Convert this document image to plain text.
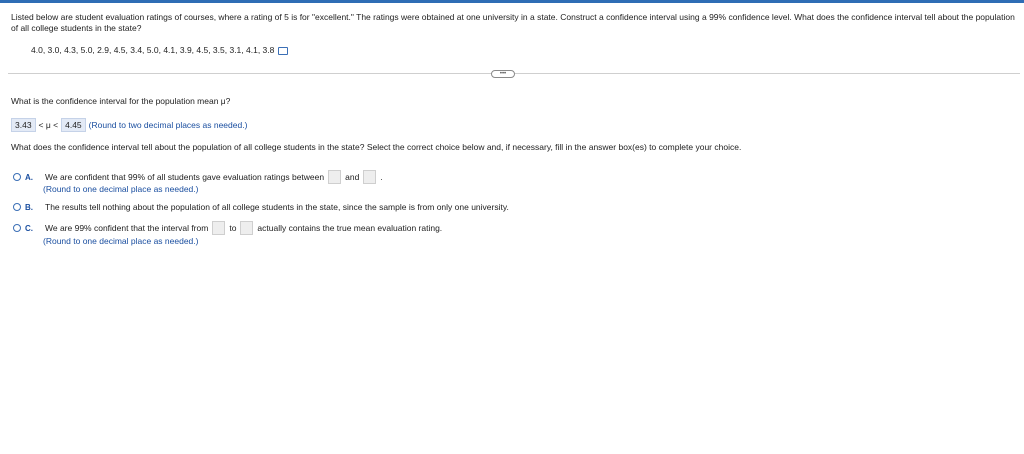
Listed below are student evaluation ratings of courses, where a rating of 5 is for "excellent." The ratings were obtained at one university in a state. Construct a confidence interval using a 99% confidence level. What does the confidence interval tell about the population of all college students in the state?
4.0, 3.0, 4.3, 5.0, 2.9, 4.5, 3.4, 5.0, 4.1, 3.9, 4.5, 3.5, 3.1, 4.1, 3.8
•••
What is the confidence interval for the population mean μ?
3.43 < μ < 4.45 (Round to two decimal places as needed.)
What does the confidence interval tell about the population of all college students in the state? Select the correct choice below and, if necessary, fill in the answer box(es) to complete your choice.
A. We are confident that 99% of all students gave evaluation ratings between and .
(Round to one decimal place as needed.)
B. The results tell nothing about the population of all college students in the state, since the sample is from only one university.
C. We are 99% confident that the interval from to actually contains the true mean evaluation rating.
(Round to one decimal place as needed.)
